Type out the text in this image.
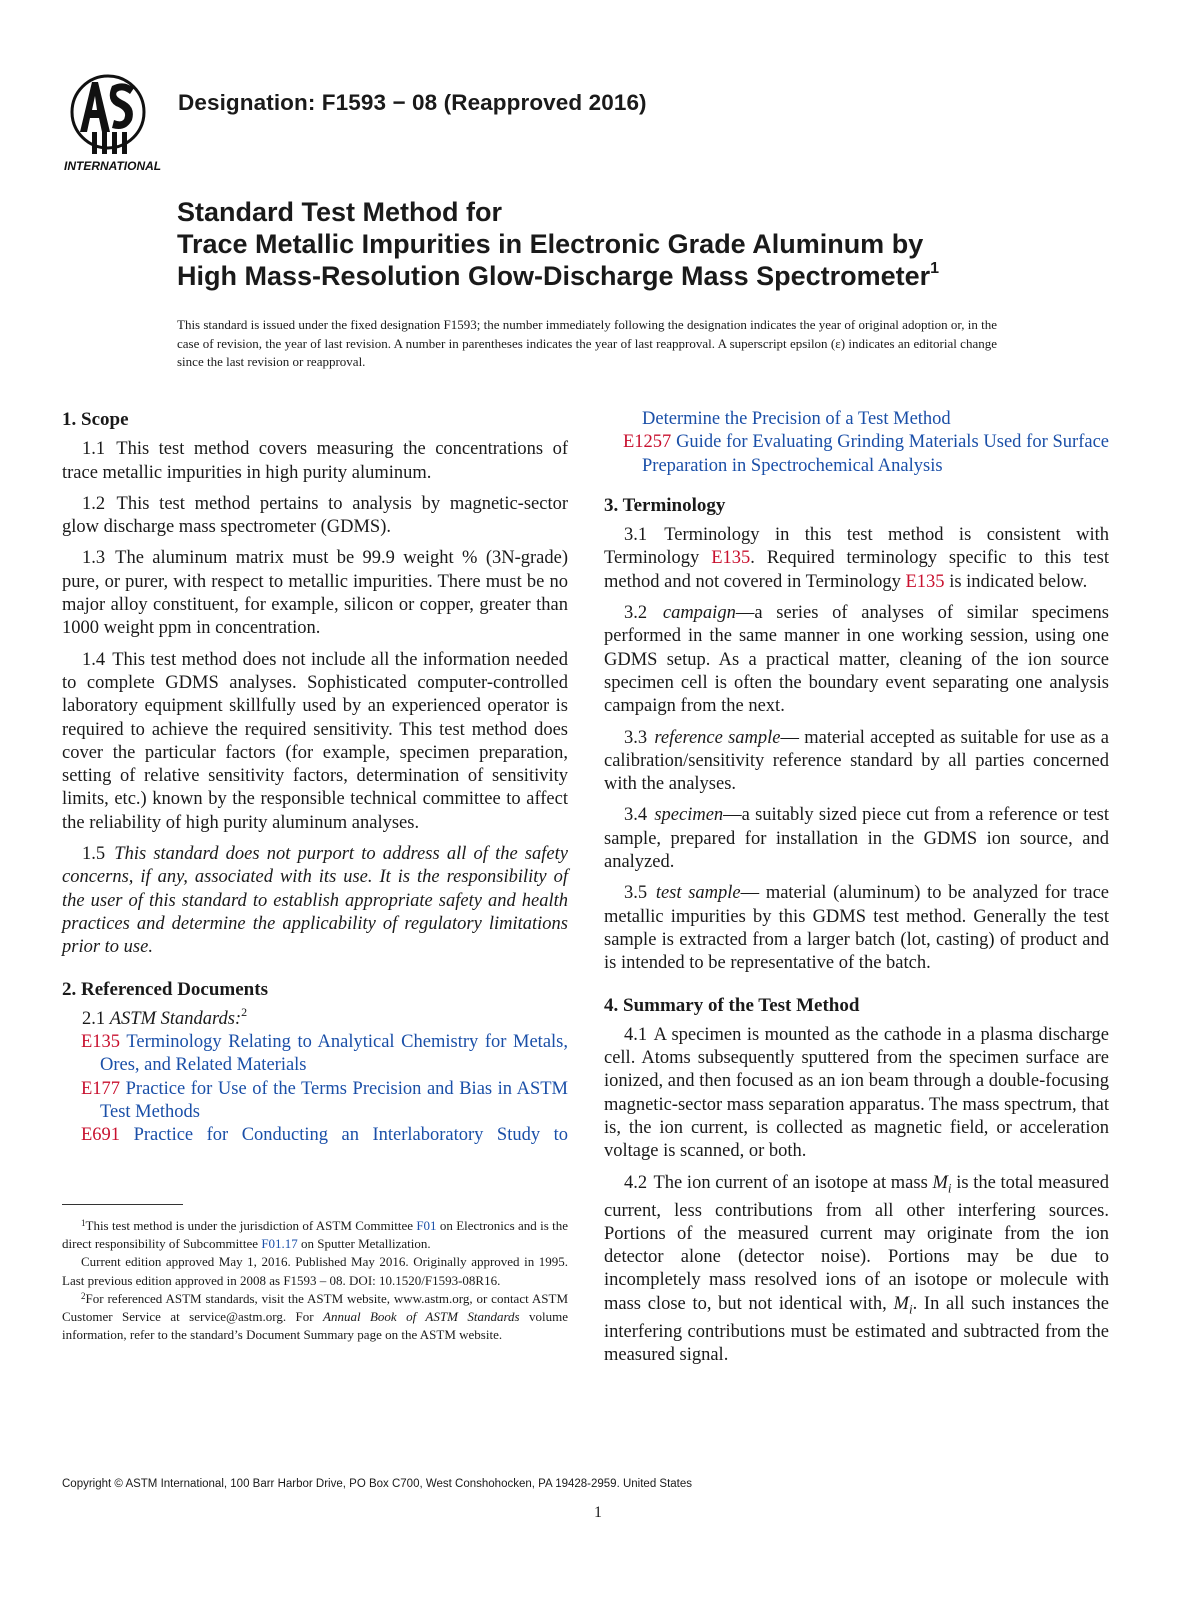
INTERNATIONAL
Designation: F1593 − 08 (Reapproved 2016)
Standard Test Method for
Trace Metallic Impurities in Electronic Grade Aluminum by
High Mass-Resolution Glow-Discharge Mass Spectrometer$^1$
This standard is issued under the fixed designation F1593; the number immediately following the designation indicates the year of original adoption or, in the case of revision, the year of last revision. A number in parentheses indicates the year of last reapproval. A superscript epsilon (ε) indicates an editorial change since the last revision or reapproval.
1. Scope

1.1 This test method covers measuring the concentrations of trace metallic impurities in high purity aluminum.

1.2 This test method pertains to analysis by magnetic-sector glow discharge mass spectrometer (GDMS).

1.3 The aluminum matrix must be 99.9 weight % (3N-grade) pure, or purer, with respect to metallic impurities. There must be no major alloy constituent, for example, silicon or copper, greater than 1000 weight ppm in concentration.

1.4 This test method does not include all the information needed to complete GDMS analyses. Sophisticated computer-controlled laboratory equipment skillfully used by an experienced operator is required to achieve the required sensitivity. This test method does cover the particular factors (for example, specimen preparation, setting of relative sensitivity factors, determination of sensitivity limits, etc.) known by the responsible technical committee to affect the reliability of high purity aluminum analyses.

1.5 This standard does not purport to address all of the safety concerns, if any, associated with its use. It is the responsibility of the user of this standard to establish appropriate safety and health practices and determine the applicability of regulatory limitations prior to use.

2. Referenced Documents

2.1 ASTM Standards:$^2$

E135 Terminology Relating to Analytical Chemistry for Metals, Ores, and Related Materials

E177 Practice for Use of the Terms Precision and Bias in ASTM Test Methods

E691 Practice for Conducting an Interlaboratory Study to

Determine the Precision of a Test Method

E1257 Guide for Evaluating Grinding Materials Used for Surface Preparation in Spectrochemical Analysis

3. Terminology

3.1 Terminology in this test method is consistent with Terminology E135. Required terminology specific to this test method and not covered in Terminology E135 is indicated below.

3.2 campaign—a series of analyses of similar specimens performed in the same manner in one working session, using one GDMS setup. As a practical matter, cleaning of the ion source specimen cell is often the boundary event separating one analysis campaign from the next.

3.3 reference sample— material accepted as suitable for use as a calibration/sensitivity reference standard by all parties concerned with the analyses.

3.4 specimen—a suitably sized piece cut from a reference or test sample, prepared for installation in the GDMS ion source, and analyzed.

3.5 test sample— material (aluminum) to be analyzed for trace metallic impurities by this GDMS test method. Generally the test sample is extracted from a larger batch (lot, casting) of product and is intended to be representative of the batch.

4. Summary of the Test Method

4.1 A specimen is mounted as the cathode in a plasma discharge cell. Atoms subsequently sputtered from the specimen surface are ionized, and then focused as an ion beam through a double-focusing magnetic-sector mass separation apparatus. The mass spectrum, that is, the ion current, is collected as magnetic field, or acceleration voltage is scanned, or both.

4.2 The ion current of an isotope at mass $M_i$ is the total measured current, less contributions from all other interfering sources. Portions of the measured current may originate from the ion detector alone (detector noise). Portions may be due to incompletely mass resolved ions of an isotope or molecule with mass close to, but not identical with, $M_i$. In all such instances the interfering contributions must be estimated and subtracted from the measured signal.

$^1$This test method is under the jurisdiction of ASTM Committee F01 on Electronics and is the direct responsibility of Subcommittee F01.17 on Sputter Metallization.

Current edition approved May 1, 2016. Published May 2016. Originally approved in 1995. Last previous edition approved in 2008 as F1593 – 08. DOI: 10.1520/F1593-08R16.

$^2$For referenced ASTM standards, visit the ASTM website, www.astm.org, or contact ASTM Customer Service at service@astm.org. For Annual Book of ASTM Standards volume information, refer to the standard’s Document Summary page on the ASTM website.

Copyright © ASTM International, 100 Barr Harbor Drive, PO Box C700, West Conshohocken, PA 19428-2959. United States
1
